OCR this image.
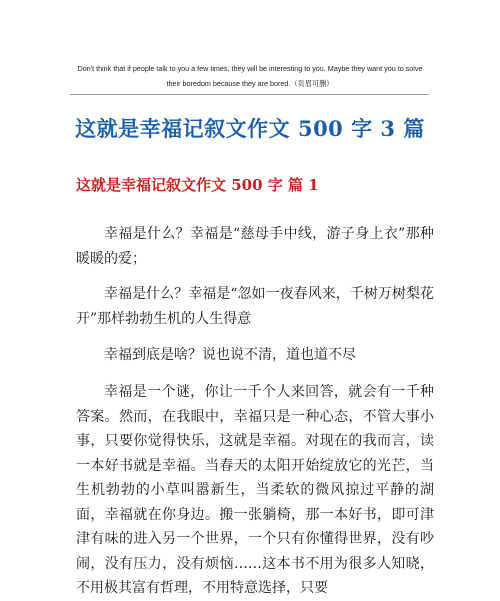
Don't think that if people talk to you a few times, they will be interesting to you. Maybe they want you to solve
their boredom because they are bored.（页眉可删）
这就是幸福记叙文作文 500 字 3 篇
这就是幸福记叙文作文 500 字 篇 1

幸福是什么？幸福是“慈母手中线，游子身上衣”那种暖暖的爱；

幸福是什么？幸福是“忽如一夜春风来，千树万树梨花开”那样勃勃生机的人生得意

幸福到底是啥？说也说不清，道也道不尽

幸福是一个谜，你让一千个人来回答，就会有一千种答案。然而，在我眼中，幸福只是一种心态，不管大事小事，只要你觉得快乐，这就是幸福。对现在的我而言，读一本好书就是幸福。当春天的太阳开始绽放它的光芒，当生机勃勃的小草叫嚣新生，当柔软的微风掠过平静的湖面，幸福就在你身边。搬一张躺椅，那一本好书，即可津津有味的进入另一个世界，一个只有你懂得世界，没有吵闹，没有压力，没有烦恼……这本书不用为很多人知晓，不用极其富有哲理，不用特意选择，只要
